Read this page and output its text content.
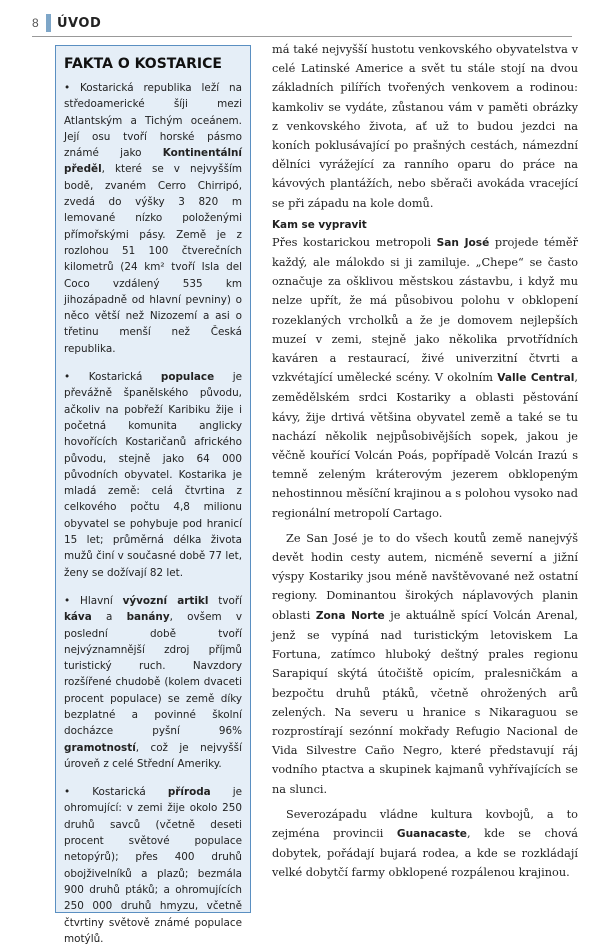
8	ÚVOD
FAKTA O KOSTARICE

• Kostarická republika leží na středoamerické šíji mezi Atlantským a Tichým oceánem. Její osu tvoří horské pásmo známé jako Kontinentální předěl, které se v nejvyšším bodě, zvaném Cerro Chirripó, zvedá do výšky 3 820 m lemované nízko položenými přímořskými pásy. Země je z rozlohou 51 100 čtverečních kilometrů (24 km² tvoří Isla del Coco vzdálený 535 km jihozápadně od hlavní pevniny) o něco větší než Nizozemí a asi o třetinu menší než Česká republika.

• Kostarická populace je převážně španělského původu, ačkoliv na pobřeží Karibiku žije i početná komunita anglicky hovořících Kostaričanů afrického původu, stejně jako 64 000 původních obyvatel. Kostarika je mladá země: celá čtvrtina z celkového počtu 4,8 milionu obyvatel se pohybuje pod hranicí 15 let; průměrná délka života mužů činí v současné době 77 let, ženy se dožívají 82 let.

• Hlavní vývozní artikl tvoří káva a banány, ovšem v poslední době tvoří nejvýznamnější zdroj příjmů turistický ruch. Navzdory rozšířené chudobě (kolem dvaceti procent populace) se země díky bezplatné a povinné školní docházce pyšní 96% gramotností, což je nejvyšší úroveň z celé Střední Ameriky.

• Kostarická příroda je ohromující: v zemi žije okolo 250 druhů savců (včetně deseti procent světové populace netopýrů); přes 400 druhů obojživelníků a plazů; bezmála 900 druhů ptáků; a ohromujících 250 000 druhů hmyzu, včetně čtvrtiny světově známé populace motýlů.

má také nejvyšší hustotu venkovského obyvatelstva v celé Latinské Americe a svět tu stále stojí na dvou základních pilířích tvořených venkovem a rodinou: kamkoliv se vydáte, zůstanou vám v paměti obrázky z venkovského života, ať už to budou jezdci na koních poklusávající po prašných cestách, námezdní dělníci vyrážející za ranního oparu do práce na kávových plantážích, nebo sběrači avokáda vracející se při západu na kole domů.

Kam se vypravit

Přes kostarickou metropoli San José projede téměř každý, ale málokdo si ji zamiluje. „Chepe“ se často označuje za ošklivou městskou zástavbu, i když mu nelze upřít, že má působivou polohu v obklopení rozeklaných vrcholků a že je domovem nejlepších muzeí v zemi, stejně jako několika prvotřídních kaváren a restaurací, živé univerzitní čtvrti a vzkvétající umělecké scény. V okolním Valle Central, zemědělském srdci Kostariky a oblasti pěstování kávy, žije drtivá většina obyvatel země a také se tu nachází několik nejpůsobivějších sopek, jakou je věčně kouřící Volcán Poás, popřípadě Volcán Irazú s temně zeleným kráterovým jezerem obklopeným nehostinnou měsíční krajinou a s polohou vysoko nad regionální metropolí Cartago.

Ze San José je to do všech koutů země nanejvýš devět hodin cesty autem, nicméně severní a jižní výspy Kostariky jsou méně navštěvované než ostatní regiony. Dominantou širokých náplavových planin oblasti Zona Norte je aktuálně spící Volcán Arenal, jenž se vypíná nad turistickým letoviskem La Fortuna, zatímco hluboký deštný prales regionu Sarapiquí skýtá útočiště opicím, pralesničkám a bezpočtu druhů ptáků, včetně ohrožených arů zelených. Na severu u hranice s Nikaraguou se rozprostírají sezónní mokřady Refugio Nacional de Vida Silvestre Caño Negro, které představují ráj vodního ptactva a skupinek kajmanů vyhřívajících se na slunci.

Severozápadu vládne kultura kovbojů, a to zejména provincii Guanacaste, kde se chová dobytek, pořádají bujará rodea, a kde se rozkládají velké dobytčí farmy obklopené rozpálenou krajinou.
